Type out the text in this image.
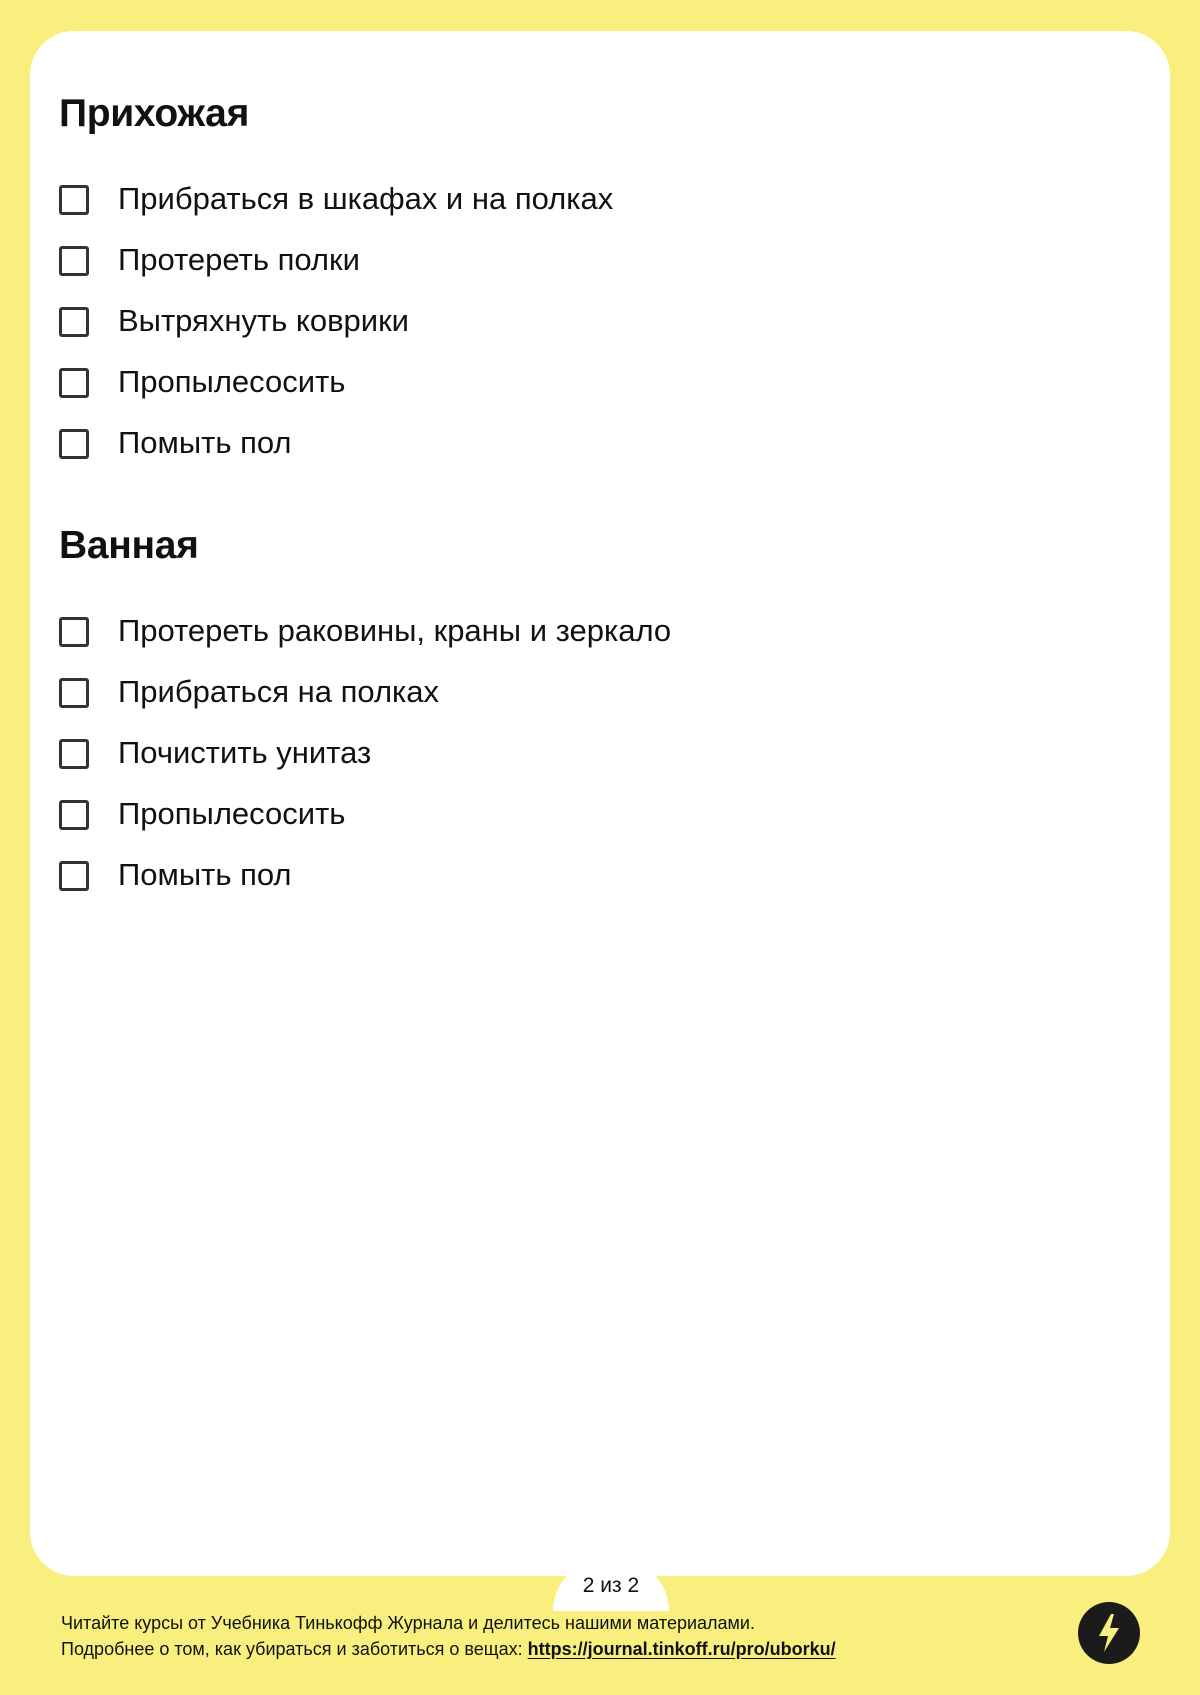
Прихожая
Прибраться в шкафах и на полках
Протереть полки
Вытряхнуть коврики
Пропылесосить
Помыть пол
Ванная
Протереть раковины, краны и зеркало
Прибраться на полках
Почистить унитаз
Пропылесосить
Помыть пол
2 из 2
Читайте курсы от Учебника Тинькофф Журнала и делитесь нашими материалами.
Подробнее о том, как убираться и заботиться о вещах: https://journal.tinkoff.ru/pro/uborku/
